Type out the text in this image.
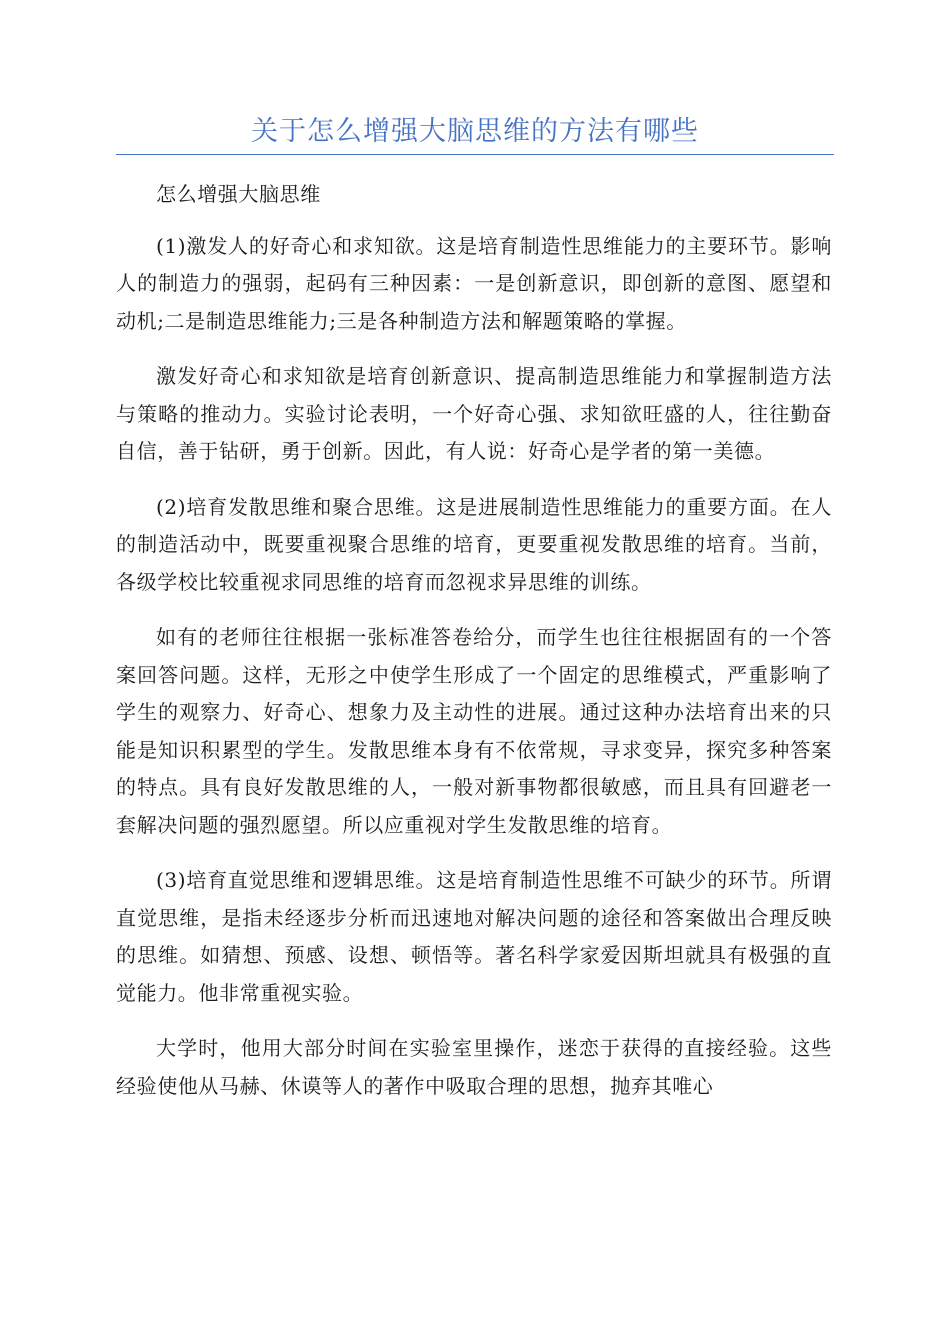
关于怎么增强大脑思维的方法有哪些

怎么增强大脑思维

(1)激发人的好奇心和求知欲。这是培育制造性思维能力的主要环节。影响人的制造力的强弱，起码有三种因素：一是创新意识，即创新的意图、愿望和动机;二是制造思维能力;三是各种制造方法和解题策略的掌握。

激发好奇心和求知欲是培育创新意识、提高制造思维能力和掌握制造方法与策略的推动力。实验讨论表明，一个好奇心强、求知欲旺盛的人，往往勤奋自信，善于钻研，勇于创新。因此，有人说：好奇心是学者的第一美德。

(2)培育发散思维和聚合思维。这是进展制造性思维能力的重要方面。在人的制造活动中，既要重视聚合思维的培育，更要重视发散思维的培育。当前，各级学校比较重视求同思维的培育而忽视求异思维的训练。

如有的老师往往根据一张标准答卷给分，而学生也往往根据固有的一个答案回答问题。这样，无形之中使学生形成了一个固定的思维模式，严重影响了学生的观察力、好奇心、想象力及主动性的进展。通过这种办法培育出来的只能是知识积累型的学生。发散思维本身有不依常规，寻求变异，探究多种答案的特点。具有良好发散思维的人，一般对新事物都很敏感，而且具有回避老一套解决问题的强烈愿望。所以应重视对学生发散思维的培育。

(3)培育直觉思维和逻辑思维。这是培育制造性思维不可缺少的环节。所谓直觉思维，是指未经逐步分析而迅速地对解决问题的途径和答案做出合理反映的思维。如猜想、预感、设想、顿悟等。著名科学家爱因斯坦就具有极强的直觉能力。他非常重视实验。

大学时，他用大部分时间在实验室里操作，迷恋于获得的直接经验。这些经验使他从马赫、休谟等人的著作中吸取合理的思想，抛弃其唯心
